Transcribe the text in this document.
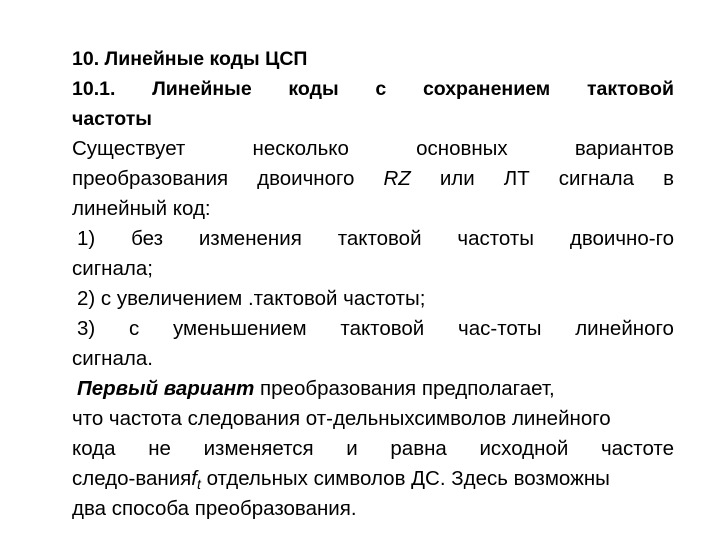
10. Линейные коды ЦСП
10.1. Линейные коды с сохранением тактовой
частоты
Существует	несколько	основных	вариантов
преобразования двоичного RZ или ЛТ сигнала в
линейный код:
1) без изменения тактовой частоты двоично-го
сигнала;
2) с увеличением .тактовой частоты;
3) с уменьшением тактовой час-тоты линейного
сигнала.
Первый вариант преобразования предполагает,
что частота следования от-дельныхсимволов линейного
кода не изменяется и равна исходной частоте
следо-ванияft отдельных символов ДС. Здесь возможны
два способа преобразования.
